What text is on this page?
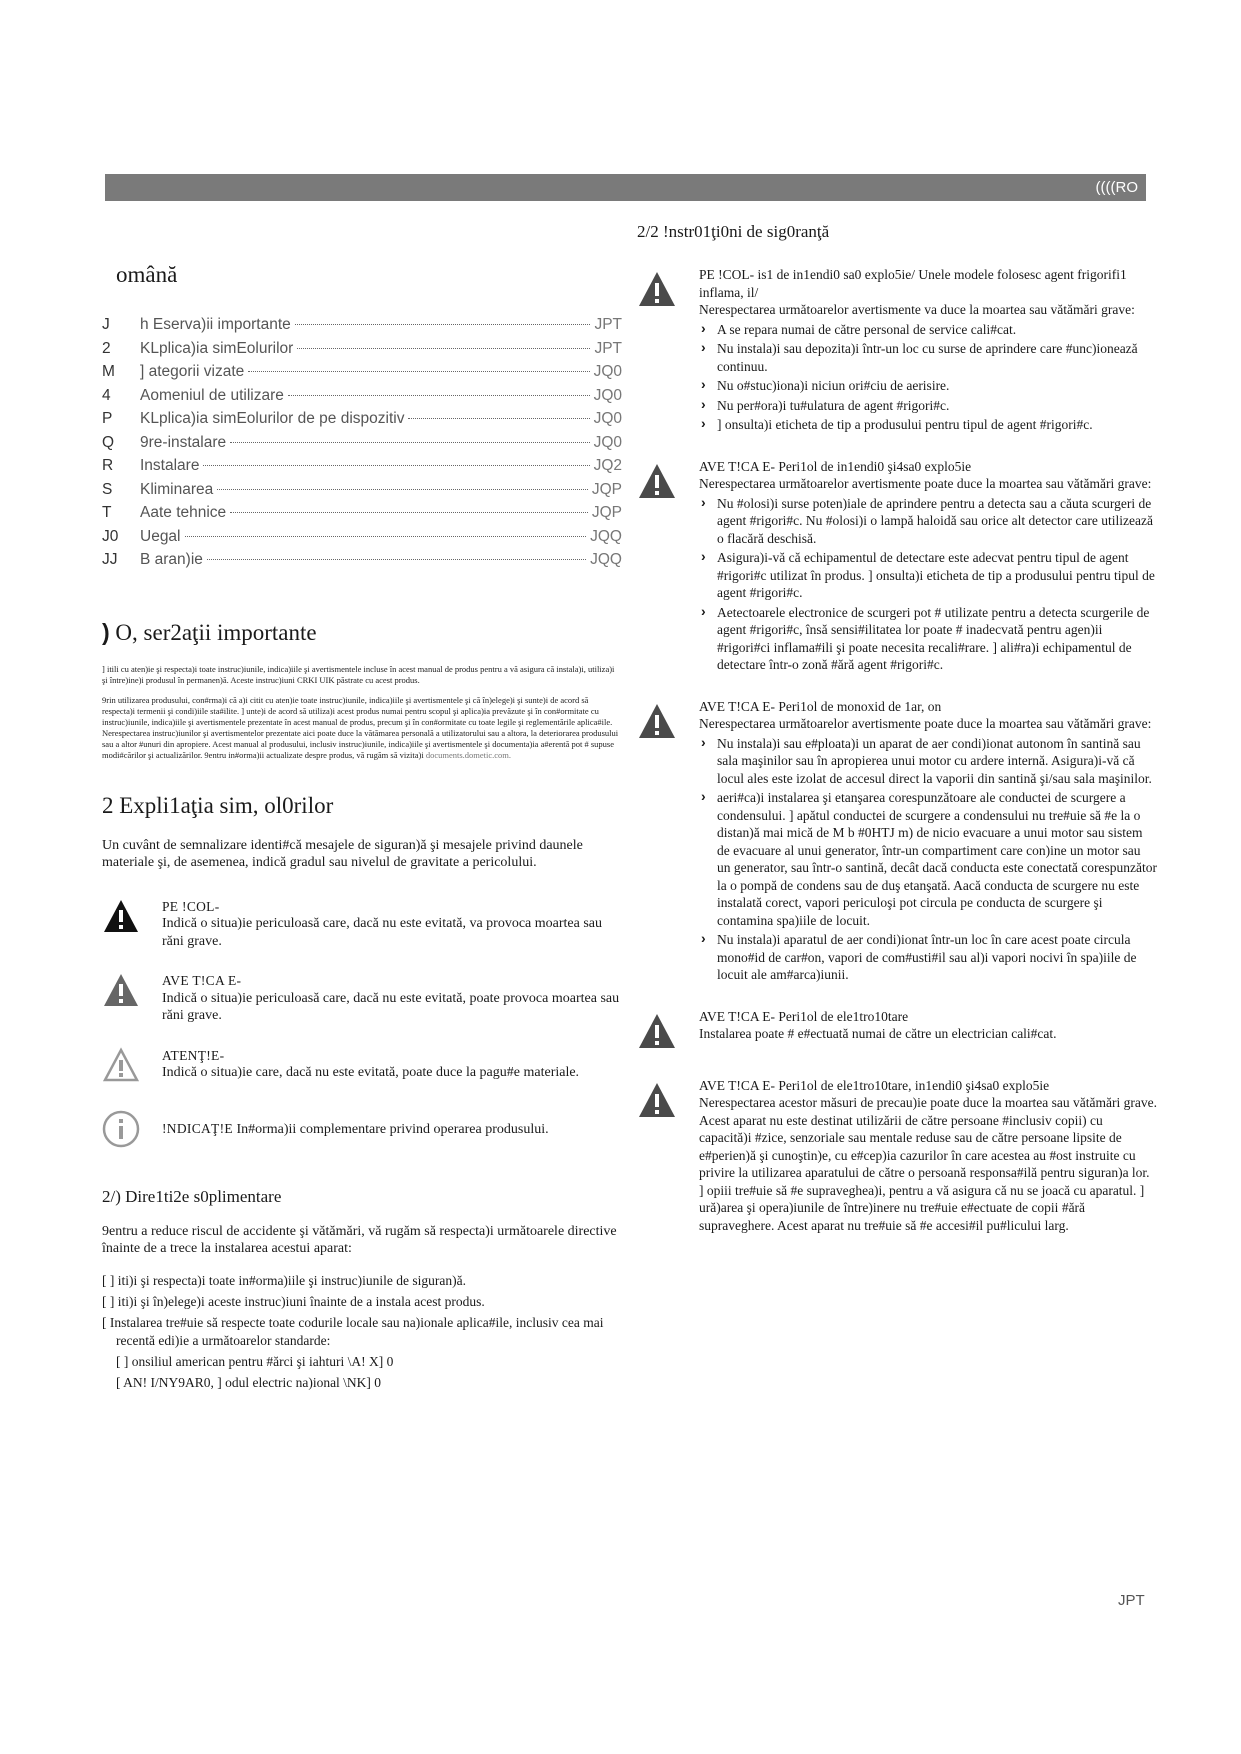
((((RO
omână
J	h Eserva)ii importante	JPT
2	KLplica)ia simEolurilor	JPT
M ] ategorii vizate	JQ0
4	Aomeniul de utilizare	JQ0
P KLplica)ia simEolurilor de pe dispozitiv	JQ0
Q 9re-instalare	JQ0
R Instalare	JQ2
S Kliminarea	JQP
T Aate tehnice	JQP
J0 Uegal	JQQ
JJ B aran)ie	JQQ
) O, ser2aţii importante

] itili cu aten)ie şi respecta)i toate instruc)iunile, indica)iile şi avertismentele incluse în acest manual de produs pentru a vă asigura că instala)i, utiliza)i şi între)ine)i produsul în permanen)ă. Aceste instruc)iuni CRKI UIK păstrate cu acest produs.

9rin utilizarea produsului, con#rma)i că a)i citit cu aten)ie toate instruc)iunile, indica)iile şi avertismentele şi că în)elege)i şi sunte)i de acord să respecta)i termenii şi condi)iile sta#ilite. ] unte)i de acord să utiliza)i acest produs numai pentru scopul şi aplica)ia prevăzute şi în con#ormitate cu instruc)iunile, indica)iile şi avertismentele prezentate în acest manual de produs, precum şi în con#ormitate cu toate legile şi reglementările aplica#ile. Nerespectarea instruc)iunilor şi avertismentelor prezentate aici poate duce la vătămarea personală a utilizatorului sau a altora, la deteriorarea produsului sau a altor #unuri din apropiere. Acest manual al produsului, inclusiv instruc)iunile, indica)iile şi avertismentele şi documenta)ia a#erentă pot # supuse modi#cărilor şi actualizărilor. 9entru in#orma)ii actualizate despre produs, vă rugăm să vizita)i documents.dometic.com.

2 Expli1aţia sim, ol0rilor

Un cuvânt de semnalizare identi#că mesajele de siguran)ă şi mesajele privind daunele materiale şi, de asemenea, indică gradul sau nivelul de gravitate a pericolului.

PE !COL-
Indică o situa)ie periculoasă care, dacă nu este evitată, va provoca moartea sau răni grave.
AVE T!CA E-
Indică o situa)ie periculoasă care, dacă nu este evitată, poate provoca moartea sau răni grave.
ATENŢ!E-
Indică o situa)ie care, dacă nu este evitată, poate duce la pagu#e materiale.
!NDICAŢ!E In#orma)ii complementare privind operarea produsului.
2/) Dire1ti2e s0plimentare

9entru a reduce riscul de accidente şi vătămări, vă rugăm să respecta)i următoarele directive înainte de a trece la instalarea acestui aparat:

[ ] iti)i şi respecta)i toate in#orma)iile şi instruc)iunile de siguran)ă.
[ ] iti)i şi în)elege)i aceste instruc)iuni înainte de a instala acest produs.
[ Instalarea tre#uie să respecte toate codurile locale sau na)ionale aplica#ile, inclusiv cea mai recentă edi)ie a următoarelor standarde:
[ ] onsiliul american pentru #ărci şi iahturi \A! X] 0
[ AN! I/NY9AR0, ] odul electric na)ional \NK] 0
2/2 !nstr01ţi0ni de sig0ranţă
PE !COL- is1 de in1endi0 sa0 explo5ie/ Unele modele folosesc agent frigorifi1 inflama, il/
Nerespectarea următoarelor avertismente va duce la moartea sau vătămări grave:
› A se repara numai de către personal de service cali#cat.
› Nu instala)i sau depozita)i într-un loc cu surse de aprindere care #unc)ionează continuu.
› Nu o#stuc)iona)i niciun ori#ciu de aerisire.
› Nu per#ora)i tu#ulatura de agent #rigori#c.
› ] onsulta)i eticheta de tip a produsului pentru tipul de agent #rigori#c.
AVE T!CA E- Peri1ol de in1endi0 şi4sa0 explo5ie
Nerespectarea următoarelor avertismente poate duce la moartea sau vătămări grave:
› Nu #olosi)i surse poten)iale de aprindere pentru a detecta sau a căuta scurgeri de agent #rigori#c. Nu #olosi)i o lampă haloidă sau orice alt detector care utilizează o flacără deschisă.
› Asigura)i-vă că echipamentul de detectare este adecvat pentru tipul de agent #rigori#c utilizat în produs. ] onsulta)i eticheta de tip a produsului pentru tipul de agent #rigori#c.
› Aetectoarele electronice de scurgeri pot # utilizate pentru a detecta scurgerile de agent #rigori#c, însă sensi#ilitatea lor poate # inadecvată pentru agen)ii #rigori#ci inflama#ili şi poate necesita recali#rare. ] ali#ra)i echipamentul de detectare într-o zonă #ără agent #rigori#c.
AVE T!CA E- Peri1ol de monoxid de 1ar, on
Nerespectarea următoarelor avertismente poate duce la moartea sau vătămări grave:
› Nu instala)i sau e#ploata)i un aparat de aer condi)ionat autonom în santină sau sala maşinilor sau în apropierea unui motor cu ardere internă. Asigura)i-vă că locul ales este izolat de accesul direct la vaporii din santină şi/sau sala maşinilor.
› aeri#ca)i instalarea şi etanşarea corespunzătoare ale conductei de scurgere a condensului. ] apătul conductei de scurgere a condensului nu tre#uie să #e la o distan)ă mai mică de M b #0HTJ m) de nicio evacuare a unui motor sau sistem de evacuare al unui generator, într-un compartiment care con)ine un motor sau un generator, sau într-o santină, decât dacă conducta este conectată corespunzător la o pompă de condens sau de duş etanşată. Aacă conducta de scurgere nu este instalată corect, vapori periculoşi pot circula pe conducta de scurgere şi contamina spa)iile de locuit.
› Nu instala)i aparatul de aer condi)ionat într-un loc în care acest poate circula mono#id de car#on, vapori de com#usti#il sau al)i vapori nocivi în spa)iile de locuit ale am#arca)iunii.
AVE T!CA E- Peri1ol de ele1tro10tare
Instalarea poate # e#ectuată numai de către un electrician cali#cat.
AVE T!CA E- Peri1ol de ele1tro10tare, in1endi0 şi4sa0 explo5ie
Nerespectarea acestor măsuri de precau)ie poate duce la moartea sau vătămări grave.
Acest aparat nu este destinat utilizării de către persoane #inclusiv copii) cu capacită)i #zice, senzoriale sau mentale reduse sau de către persoane lipsite de e#perien)ă şi cunoştin)e, cu e#cep)ia cazurilor în care acestea au #ost instruite cu privire la utilizarea aparatului de către o persoană responsa#ilă pentru siguran)a lor. ] opiii tre#uie să #e supraveghea)i, pentru a vă asigura că nu se joacă cu aparatul. ] ură)area şi opera)iunile de între)inere nu tre#uie e#ectuate de copii #ără supraveghere. Acest aparat nu tre#uie să #e accesi#il pu#licului larg.
JPT
